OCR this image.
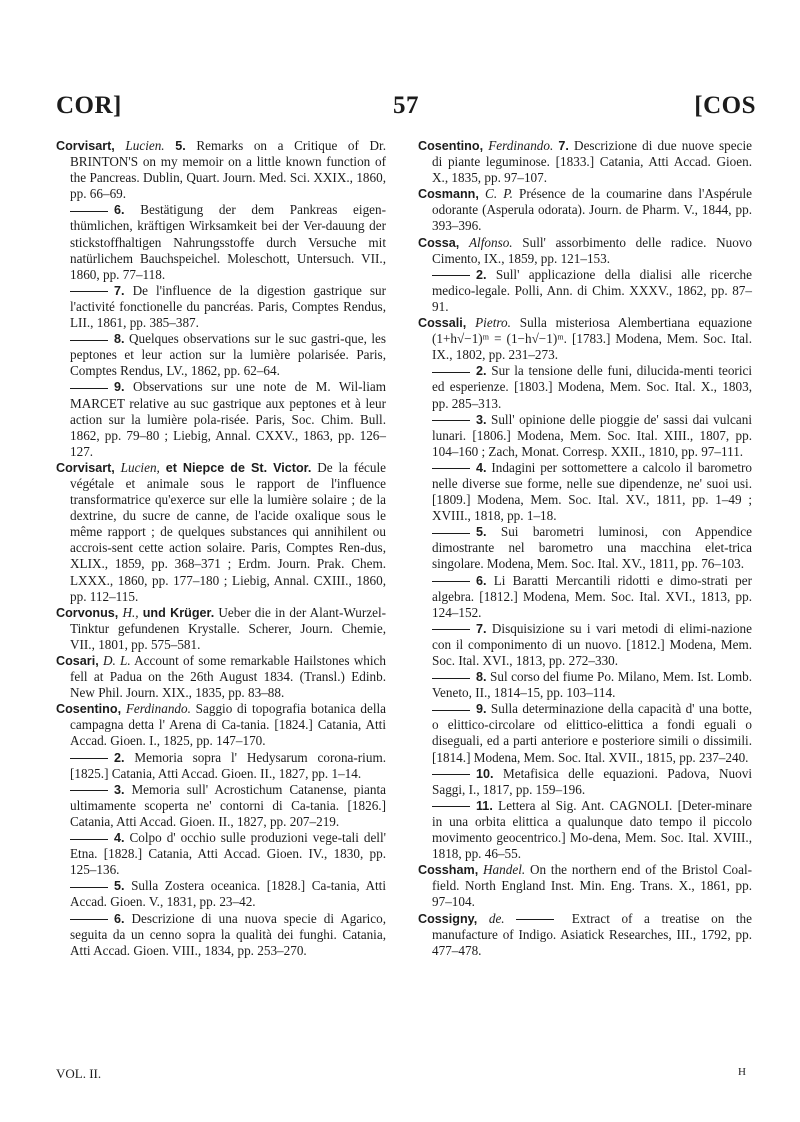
COR]	57	[COS
Corvisart, Lucien. 5. Remarks on a Critique of Dr. BRINTON'S on my memoir on a little known function of the Pancreas. Dublin, Quart. Journ. Med. Sci. XXIX., 1860, pp. 66–69.
6. Bestätigung der dem Pankreas eigen-thümlichen, kräftigen Wirksamkeit bei der Ver-dauung der stickstoffhaltigen Nahrungsstoffe durch Versuche mit natürlichem Bauchspeichel. Moleschott, Untersuch. VII., 1860, pp. 77–118.
7. De l'influence de la digestion gastrique sur l'activité fonctionelle du pancréas. Paris, Comptes Rendus, LII., 1861, pp. 385–387.
8. Quelques observations sur le suc gastri-que, les peptones et leur action sur la lumière polarisée. Paris, Comptes Rendus, LV., 1862, pp. 62–64.
9. Observations sur une note de M. Wil-liam MARCET relative au suc gastrique aux peptones et à leur action sur la lumière pola-risée. Paris, Soc. Chim. Bull. 1862, pp. 79–80 ; Liebig, Annal. CXXV., 1863, pp. 126–127.
Corvisart, Lucien, et Niepce de St. Victor. De la fécule végétale et animale sous le rapport de l'influence transformatrice qu'exerce sur elle la lumière solaire ; de la dextrine, du sucre de canne, de l'acide oxalique sous le même rapport ; de quelques substances qui annihilent ou accrois-sent cette action solaire. Paris, Comptes Ren-dus, XLIX., 1859, pp. 368–371 ; Erdm. Journ. Prak. Chem. LXXX., 1860, pp. 177–180 ; Liebig, Annal. CXIII., 1860, pp. 112–115.
Corvonus, H., und Krüger. Ueber die in der Alant-Wurzel-Tinktur gefundenen Krystalle. Scherer, Journ. Chemie, VII., 1801, pp. 575–581.
Cosari, D. L. Account of some remarkable Hailstones which fell at Padua on the 26th August 1834. (Transl.) Edinb. New Phil. Journ. XIX., 1835, pp. 83–88.
Cosentino, Ferdinando. Saggio di topografia botanica della campagna detta l' Arena di Ca-tania. [1824.] Catania, Atti Accad. Gioen. I., 1825, pp. 147–170.
2. Memoria sopra l' Hedysarum corona-rium. [1825.] Catania, Atti Accad. Gioen. II., 1827, pp. 1–14.
3. Memoria sull' Acrostichum Catanense, pianta ultimamente scoperta ne' contorni di Ca-tania. [1826.] Catania, Atti Accad. Gioen. II., 1827, pp. 207–219.
4. Colpo d' occhio sulle produzioni vege-tali dell' Etna. [1828.] Catania, Atti Accad. Gioen. IV., 1830, pp. 125–136.
5. Sulla Zostera oceanica. [1828.] Ca-tania, Atti Accad. Gioen. V., 1831, pp. 23–42.
6. Descrizione di una nuova specie di Agarico, seguita da un cenno sopra la qualità dei funghi. Catania, Atti Accad. Gioen. VIII., 1834, pp. 253–270.
Cosentino, Ferdinando. 7. Descrizione di due nuove specie di piante leguminose. [1833.] Catania, Atti Accad. Gioen. X., 1835, pp. 97–107.
Cosmann, C. P. Présence de la coumarine dans l'Aspérule odorante (Asperula odorata). Journ. de Pharm. V., 1844, pp. 393–396.
Cossa, Alfonso. Sull' assorbimento delle radice. Nuovo Cimento, IX., 1859, pp. 121–153.
2. Sull' applicazione della dialisi alle ricerche medico-legale. Polli, Ann. di Chim. XXXV., 1862, pp. 87–91.
Cossali, Pietro. Sulla misteriosa Alembertiana equazione (1+h√−1)ᵐ = (1−h√−1)ᵐ. [1783.] Modena, Mem. Soc. Ital. IX., 1802, pp. 231–273.
2. Sur la tensione delle funi, dilucida-menti teorici ed esperienze. [1803.] Modena, Mem. Soc. Ital. X., 1803, pp. 285–313.
3. Sull' opinione delle pioggie de' sassi dai vulcani lunari. [1806.] Modena, Mem. Soc. Ital. XIII., 1807, pp. 104–160 ; Zach, Monat. Corresp. XXII., 1810, pp. 97–111.
4. Indagini per sottomettere a calcolo il barometro nelle diverse sue forme, nelle sue dipendenze, ne' suoi usi. [1809.] Modena, Mem. Soc. Ital. XV., 1811, pp. 1–49 ; XVIII., 1818, pp. 1–18.
5. Sui barometri luminosi, con Appendice dimostrante nel barometro una macchina elet-trica singolare. Modena, Mem. Soc. Ital. XV., 1811, pp. 76–103.
6. Li Baratti Mercantili ridotti e dimo-strati per algebra. [1812.] Modena, Mem. Soc. Ital. XVI., 1813, pp. 124–152.
7. Disquisizione su i vari metodi di elimi-nazione con il componimento di un nuovo. [1812.] Modena, Mem. Soc. Ital. XVI., 1813, pp. 272–330.
8. Sul corso del fiume Po. Milano, Mem. Ist. Lomb. Veneto, II., 1814–15, pp. 103–114.
9. Sulla determinazione della capacità d' una botte, o elittico-circolare od elittico-elittica a fondi eguali o diseguali, ed a parti anteriore e posteriore simili o dissimili. [1814.] Modena, Mem. Soc. Ital. XVII., 1815, pp. 237–240.
10. Metafisica delle equazioni. Padova, Nuovi Saggi, I., 1817, pp. 159–196.
11. Lettera al Sig. Ant. CAGNOLI. [Deter-minare in una orbita elittica a qualunque dato tempo il piccolo movimento geocentrico.] Mo-dena, Mem. Soc. Ital. XVIII., 1818, pp. 46–55.
Cossham, Handel. On the northern end of the Bristol Coal-field. North England Inst. Min. Eng. Trans. X., 1861, pp. 97–104.
Cossigny, de.	Extract of a treatise on the manufacture of Indigo. Asiatick Researches, III., 1792, pp. 477–478.
VOL. II.	H
